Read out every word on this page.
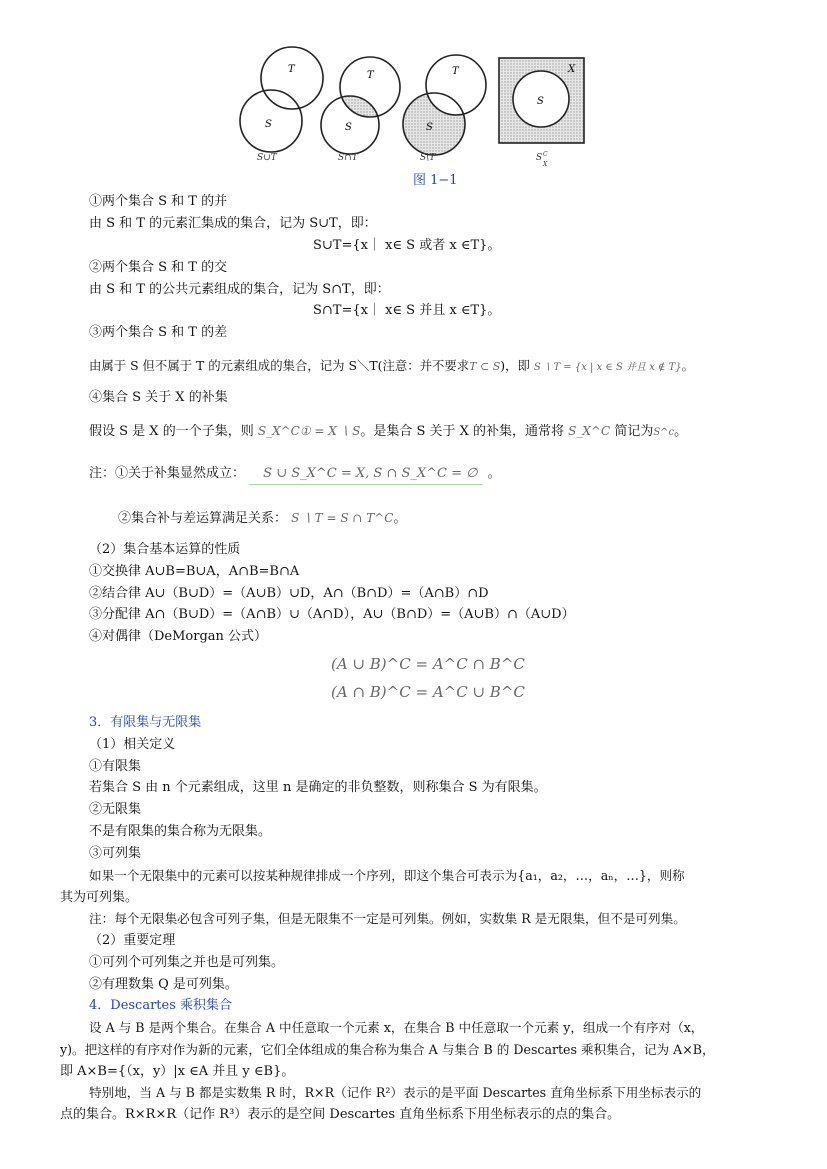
T
S
T
S
T
S
X
S
S∪T	S∩T	S\T	S C
X
图 1−1
①两个集合 S 和 T 的并
由 S 和 T 的元素汇集成的集合，记为 S∪T，即：
S∪T={x｜ x∈ S 或者 x ∈T}。
②两个集合 S 和 T 的交
由 S 和 T 的公共元素组成的集合，记为 S∩T，即：
S∩T={x｜ x∈ S 并且 x ∈T}。
③两个集合 S 和 T 的差
由属于 S 但不属于 T 的元素组成的集合，记为 S＼T(注意：并不要求T ⊂ S)，即 S ∖ T = {x | x ∈ S 并且 x ∉ T}。
④集合 S 关于 X 的补集
假设 S 是 X 的一个子集，则 S_X^C① = X ∖ S。是集合 S 关于 X 的补集，通常将 S_X^C 简记为S^c。
注：①关于补集显然成立： S ∪ S_X^C = X, S ∩ S_X^C = ∅ 。
②集合补与差运算满足关系： S ∖ T = S ∩ T^C。
（2）集合基本运算的性质
①交换律 A∪B=B∪A，A∩B=B∩A
②结合律 A∪（B∪D）=（A∪B）∪D，A∩（B∩D）=（A∩B）∩D
③分配律 A∩（B∪D）=（A∩B）∪（A∩D），A∪（B∩D）=（A∪B）∩（A∪D）
④对偶律（DeMorgan 公式）
(A ∪ B)^C = A^C ∩ B^C
(A ∩ B)^C = A^C ∪ B^C
3．有限集与无限集
（1）相关定义
①有限集
若集合 S 由 n 个元素组成，这里 n 是确定的非负整数，则称集合 S 为有限集。
②无限集
不是有限集的集合称为无限集。
③可列集
如果一个无限集中的元素可以按某种规律排成一个序列，即这个集合可表示为{a₁，a₂，…，aₙ，…}，则称
其为可列集。
注：每个无限集必包含可列子集，但是无限集不一定是可列集。例如，实数集 R 是无限集，但不是可列集。
（2）重要定理
①可列个可列集之并也是可列集。
②有理数集 Q 是可列集。
4．Descartes 乘积集合
设 A 与 B 是两个集合。在集合 A 中任意取一个元素 x，在集合 B 中任意取一个元素 y，组成一个有序对（x，
y)。把这样的有序对作为新的元素，它们全体组成的集合称为集合 A 与集合 B 的 Descartes 乘积集合，记为 A×B，
即 A×B={（x，y）|x ∈A 并且 y ∈B}。
特别地，当 A 与 B 都是实数集 R 时，R×R（记作 R²）表示的是平面 Descartes 直角坐标系下用坐标表示的
点的集合。R×R×R（记作 R³）表示的是空间 Descartes 直角坐标系下用坐标表示的点的集合。
